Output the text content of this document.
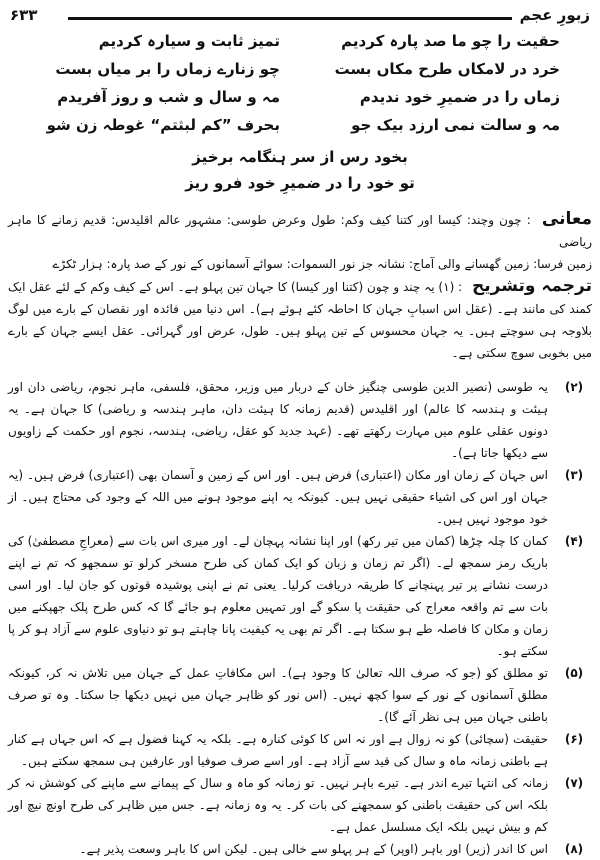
۶۳۳	زبورِ عجم
حقیت را چو ما صد پارہ کردیم
تمیز ثابت و سیارہ کردیم
خرد در لامکاں طرح مکاں بست
چو زنارے زماں را بر میاں بست
زماں را در ضمیرِ خود ندیدم
مہ و سال و شب و روز آفریدم
مہ و سالت نمی ارزد بیک جو
بحرف ”کم لبثتم“ غوطہ زن شو
بخود رس از سر ہنگامہ برخیز
تو خود را در ضمیرِ خود فرو ریز

معانی : چون وچند: کیسا اور کتنا کیف وکم: طول وعرض طوسی: مشہور عالم اقلیدس: قدیم زمانے کا ماہر ریاضی

زمین فرسا: زمین گھسانے والی آماج: نشانہ جز نور السموات: سوائے آسمانوں کے نور کے صد پارہ: ہزار ٹکڑے

ترجمہ وتشریح : (۱) یہ چند و چون (کتنا اور کیسا) کا جہان تین پہلو ہے۔ اس کے کیف وکم کے لئے عقل ایک کمند کی مانند ہے۔ (عقل اس اسبابِ جہان کا احاطہ کئے ہوئے ہے)۔ اس دنیا میں فائدہ اور نقصان کے بارے میں لوگ بلاوجہ ہی سوچتے ہیں۔ یہ جہان محسوس کے تین پہلو ہیں۔ طول، عرض اور گہرائی۔ عقل ایسے جہان کے بارے میں بخوبی سوچ سکتی ہے۔

(۲)
یہ طوسی (نصیر الدین طوسی چنگیز خان کے دربار میں وزیر، محقق، فلسفی، ماہر نجوم، ریاضی دان اور ہیئت و ہندسہ کا عالم) اور اقلیدس (قدیم زمانہ کا ہیئت دان، ماہر ہندسہ و ریاضی) کا جہان ہے۔ یہ دونوں عقلی علوم میں مہارت رکھتے تھے۔ (عہد جدید کو عقل، ریاضی، ہندسہ، نجوم اور حکمت کے زاویوں سے دیکھا جاتا ہے)۔

(۳)
اس جہان کے زمان اور مکان (اعتباری) فرض ہیں۔ اور اس کے زمین و آسمان بھی (اعتباری) فرض ہیں۔ (یہ جہان اور اس کی اشیاء حقیقی نہیں ہیں۔ کیونکہ یہ اپنے موجود ہونے میں اللہ کے وجود کی محتاج ہیں۔ از خود موجود نہیں ہیں۔

(۴)
کمان کا چلہ چڑھا (کمان میں تیر رکھ) اور اپنا نشانہ پہچان لے۔ اور میری اس بات سے (معراجِ مصطفیٰ) کی باریک رمز سمجھ لے۔ (اگر تم زمان و زبان کو ایک کمان کی طرح مسخر کرلو تو سمجھو کہ تم نے اپنے درست نشانے پر تیر پہنچانے کا طریقہ دریافت کرلیا۔ یعنی تم نے اپنی پوشیدہ قوتوں کو جان لیا۔ اور اسی بات سے تم واقعہ معراج کی حقیقت پا سکو گے اور تمہیں معلوم ہو جائے گا کہ کس طرح پلک جھپکنے میں زمان و مکان کا فاصلہ طے ہو سکتا ہے۔ اگر تم بھی یہ کیفیت پانا چاہتے ہو تو دنیاوی علوم سے آزاد ہو کر پا سکتے ہو۔

(۵)
تو مطلق کو (جو کہ صرف اللہ تعالیٰ کا وجود ہے)۔ اس مکافاتِ عمل کے جہان میں تلاش نہ کر، کیونکہ مطلق آسمانوں کے نور کے سوا کچھ نہیں۔ (اس نور کو ظاہر جہان میں نہیں دیکھا جا سکتا۔ وہ تو صرف باطنی جہان میں ہی نظر آئے گا)۔

(۶)
حقیقت (سچائی) کو نہ زوال ہے اور نہ اس کا کوئی کنارہ ہے۔ بلکہ یہ کہنا فضول ہے کہ اس جہاں ہے کنار ہے باطنی زمانہ ماہ و سال کی قید سے آزاد ہے۔ اور اسے صرف صوفیا اور عارفین ہی سمجھ سکتے ہیں۔

(۷)
زمانہ کی انتہا تیرے اندر ہے۔ تیرے باہر نہیں۔ تو زمانہ کو ماہ و سال کے پیمانے سے ماپنے کی کوشش نہ کر بلکہ اس کی حقیقت باطنی کو سمجھنے کی بات کر۔ یہ وہ زمانہ ہے۔ جس میں ظاہر کی طرح اونچ نیچ اور کم و بیش نہیں بلکہ ایک مسلسل عمل ہے۔

(۸)
اس کا اندر (زیر) اور باہر (اوپر) کے ہر پہلو سے خالی ہیں۔ لیکن اس کا باہر وسعت پذیر ہے۔
